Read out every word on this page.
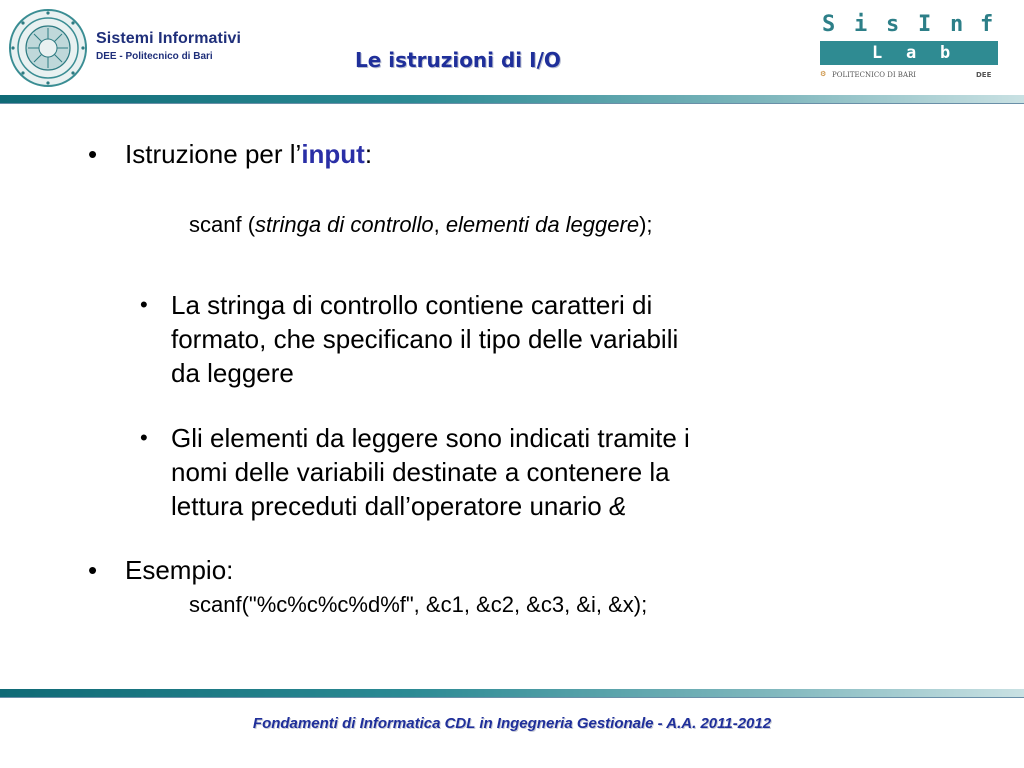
Sistemi Informativi
DEE - Politecnico di Bari	Le istruzioni di I/O
S i s I n f
L a b
⚙ POLITECNICO DI BARI	DEE
• Istruzione per l’input:
scanf (stringa di controllo, elementi da leggere);
• La stringa di controllo contiene caratteri di
formato, che specificano il tipo delle variabili
da leggere
• Gli elementi da leggere sono indicati tramite i
nomi delle variabili destinate a contenere la
lettura preceduti dall’operatore unario &
• Esempio:
scanf("%c%c%c%d%f", &c1, &c2, &c3, &i, &x);
Fondamenti di Informatica CDL in Ingegneria Gestionale - A.A. 2011-2012
